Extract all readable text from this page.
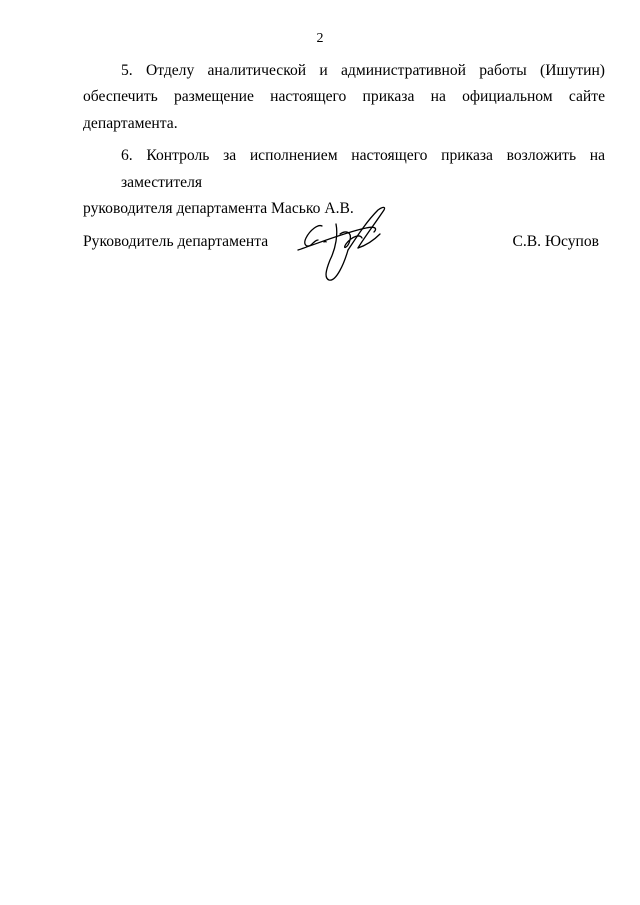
2

5. Отделу аналитической и административной работы (Ишутин)
обеспечить размещение настоящего приказа на официальном сайте
департамента.

6. Контроль за исполнением настоящего приказа возложить на заместителя
руководителя департамента Масько А.В.

Руководитель департамента	С.В. Юсупов
